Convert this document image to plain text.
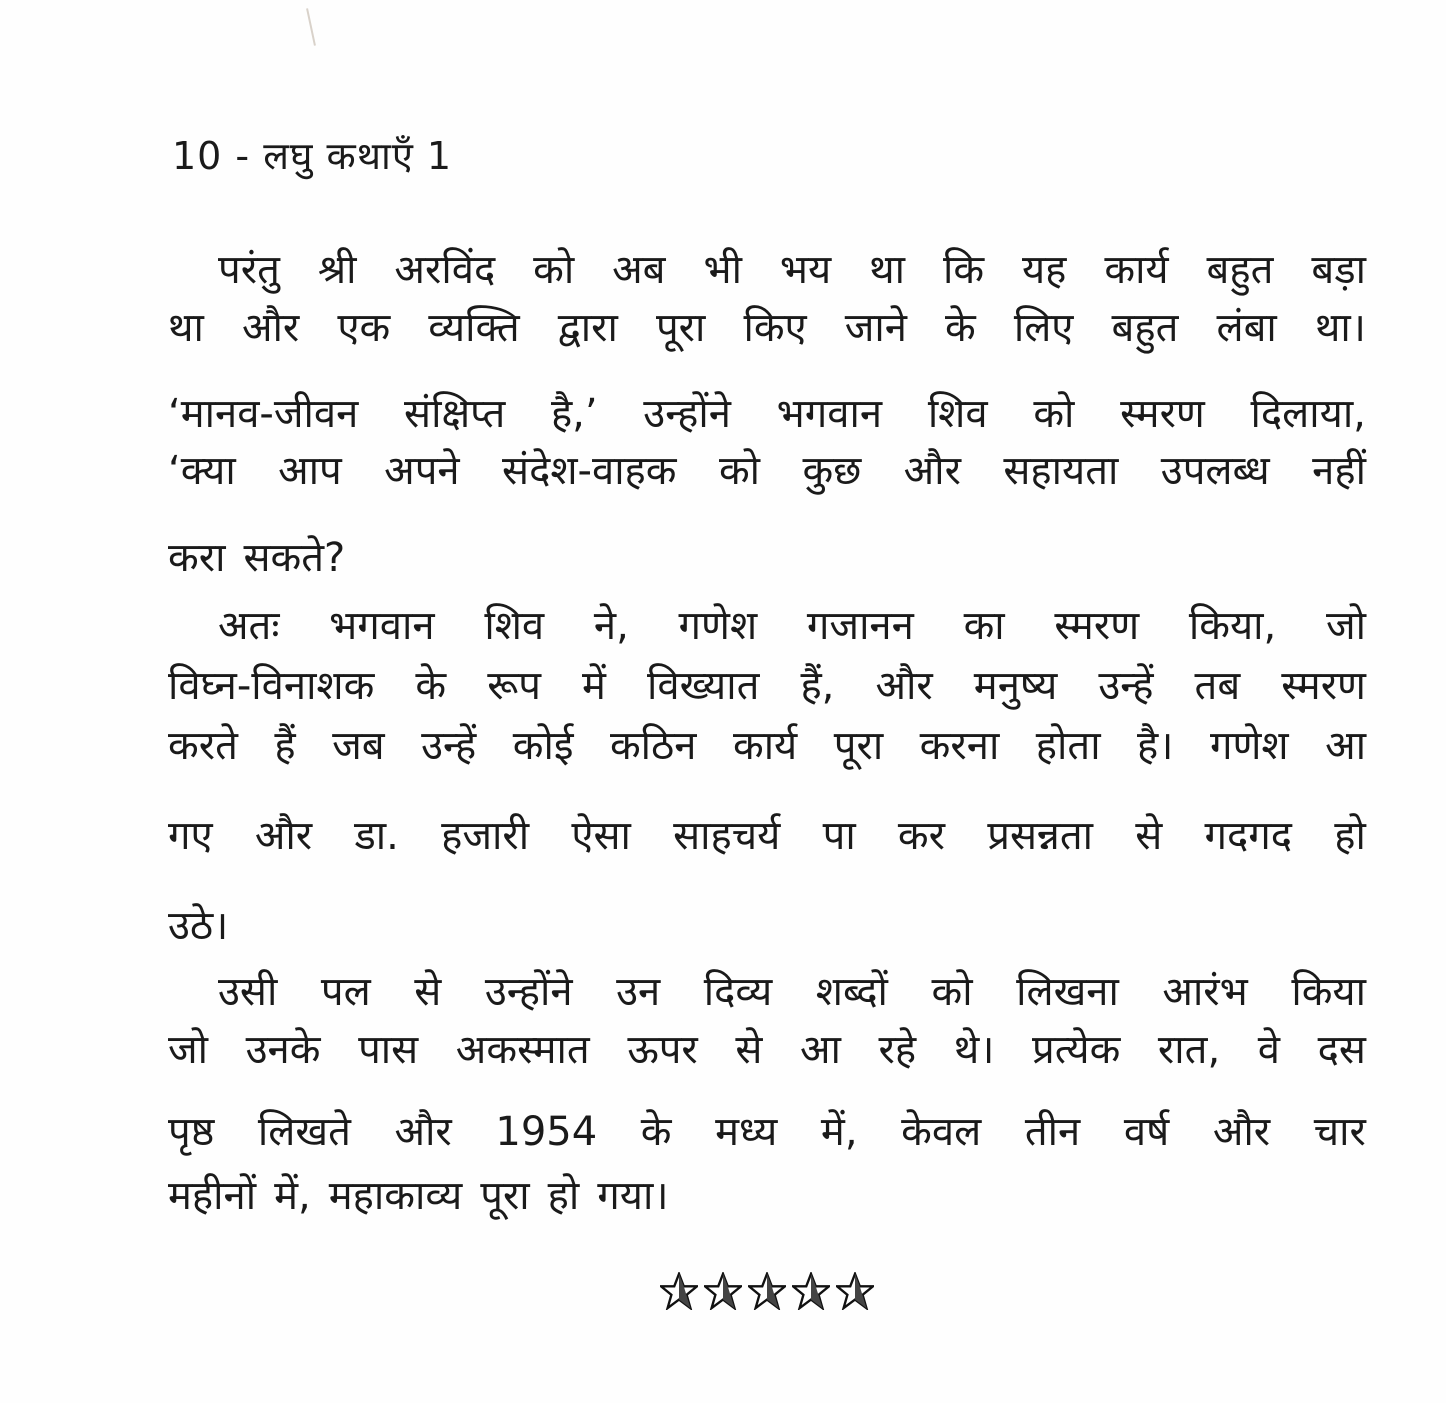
10 - लघु कथाएँ 1
परंतु श्री अरविंद को अब भी भय था कि यह कार्य बहुत बड़ा
था और एक व्यक्ति द्वारा पूरा किए जाने के लिए बहुत लंबा था।
‘मानव-जीवन संक्षिप्त है,’ उन्होंने भगवान शिव को स्मरण दिलाया,
‘क्या आप अपने संदेश-वाहक को कुछ और सहायता उपलब्ध नहीं
करा सकते?
अतः भगवान शिव ने, गणेश गजानन का स्मरण किया, जो
विघ्न-विनाशक के रूप में विख्यात हैं, और मनुष्य उन्हें तब स्मरण
करते हैं जब उन्हें कोई कठिन कार्य पूरा करना होता है। गणेश आ
गए और डा. हजारी ऐसा साहचर्य पा कर प्रसन्नता से गदगद हो
उठे।
उसी पल से उन्होंने उन दिव्य शब्दों को लिखना आरंभ किया
जो उनके पास अकस्मात ऊपर से आ रहे थे। प्रत्येक रात, वे दस
पृष्ठ लिखते और 1954 के मध्य में, केवल तीन वर्ष और चार
महीनों में, महाकाव्य पूरा हो गया।
